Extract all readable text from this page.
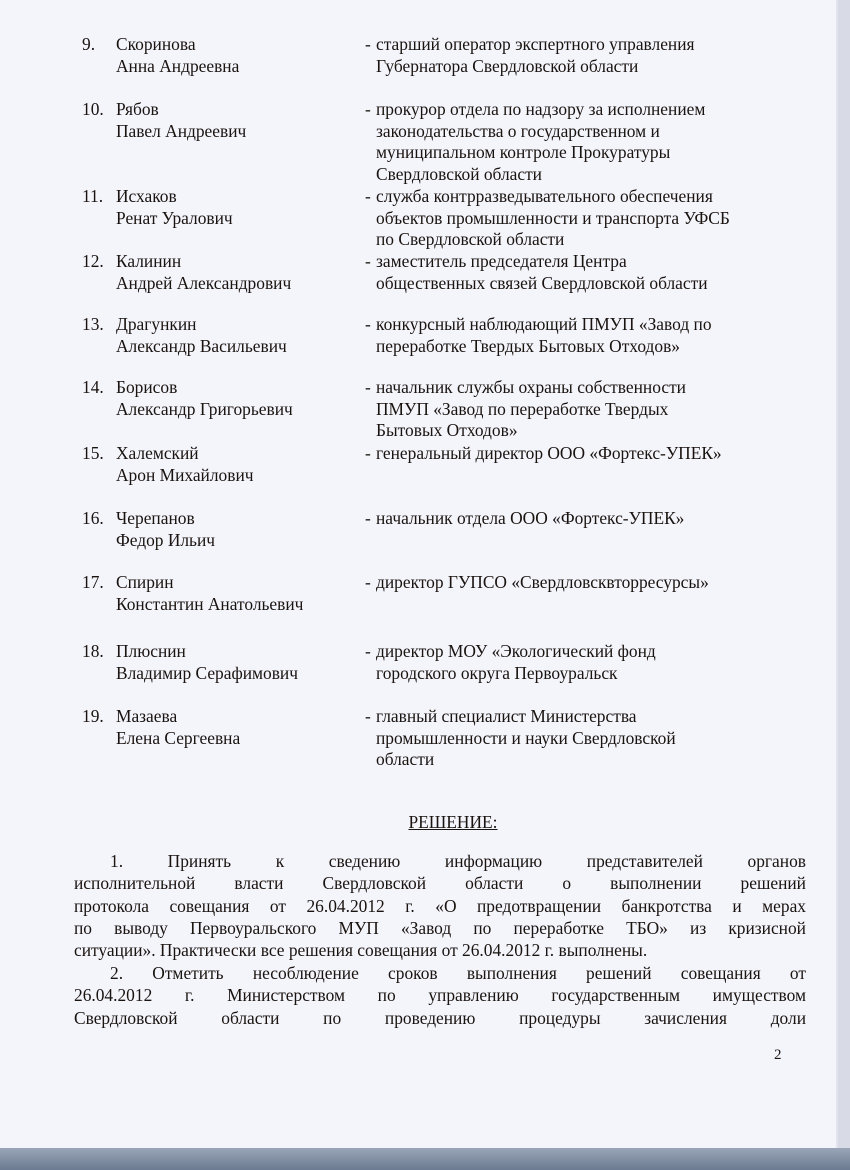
9.	Скоринова
Анна Андреевна
- старший оператор экспертного управления
Губернатора Свердловской области
10. Рябов
Павел Андреевич
- прокурор отдела по надзору за исполнением
законодательства о государственном и
муниципальном контроле Прокуратуры
Свердловской области
11. Исхаков
Ренат Уралович
- служба контрразведывательного обеспечения
объектов промышленности и транспорта УФСБ
по Свердловской области
12. Калинин
Андрей Александрович
- заместитель председателя Центра
общественных связей Свердловской области
13. Драгункин
Александр Васильевич
- конкурсный наблюдающий ПМУП «Завод по
переработке Твердых Бытовых Отходов»
14. Борисов
Александр Григорьевич
- начальник службы охраны собственности
ПМУП «Завод по переработке Твердых
Бытовых Отходов»
15. Халемский
Арон Михайлович
- генеральный директор ООО «Фортекс-УПЕК»
16. Черепанов
Федор Ильич
- начальник отдела ООО «Фортекс-УПЕК»
17. Спирин
Константин Анатольевич
- директор ГУПСО «Свердловсквторресурсы»
18. Плюснин
Владимир Серафимович
- директор МОУ «Экологический фонд
городского округа Первоуральск
19. Мазаева
Елена Сергеевна
- главный специалист Министерства
промышленности и науки Свердловской
области
РЕШЕНИЕ:
1. Принять к сведению информацию представителей органов
исполнительной власти Свердловской области о выполнении решений
протокола совещания от 26.04.2012 г. «О предотвращении банкротства и мерах
по выводу Первоуральского МУП «Завод по переработке ТБО» из кризисной
ситуации». Практически все решения совещания от 26.04.2012 г. выполнены.
2. Отметить несоблюдение сроков выполнения решений совещания от
26.04.2012 г. Министерством по управлению государственным имуществом
Свердловской области по проведению процедуры зачисления доли
2
